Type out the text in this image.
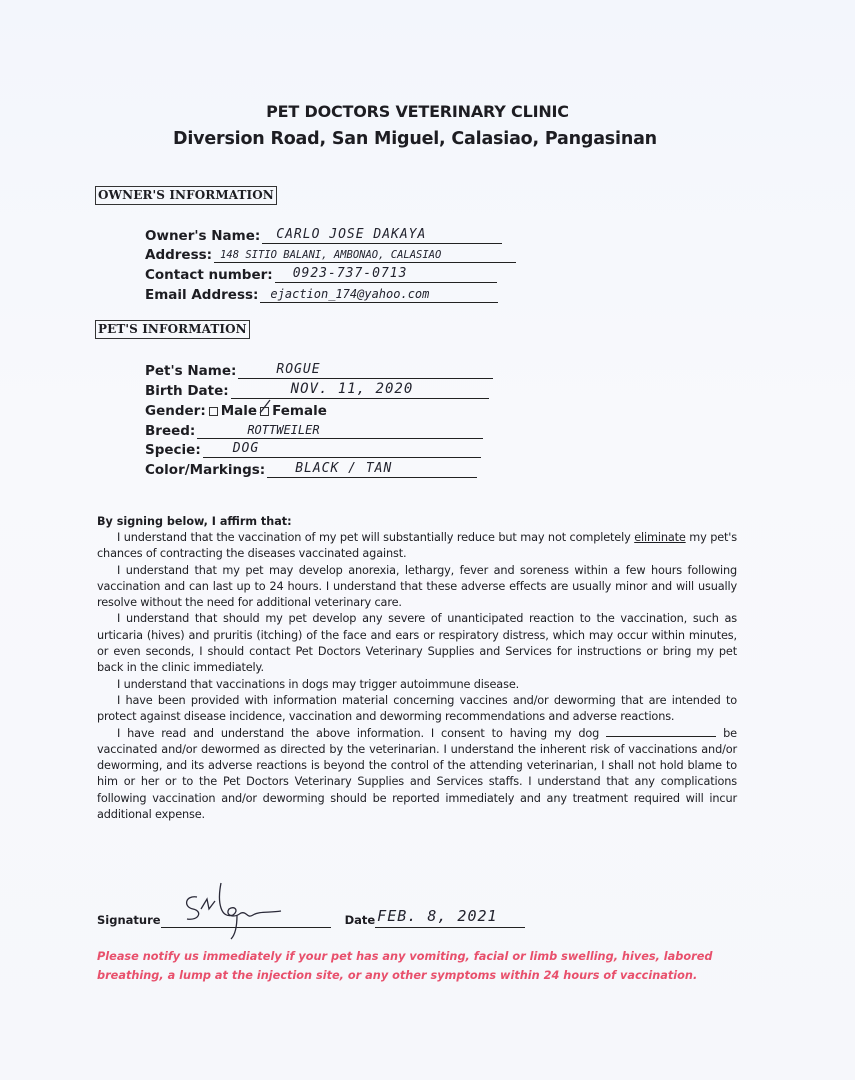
PET DOCTORS VETERINARY CLINIC
Diversion Road, San Miguel, Calasiao, Pangasinan
OWNER'S INFORMATION
Owner's Name: CARLO JOSE DAKAYA
Address: 148 SITIO BALANI, AMBONAO, CALASIAO
Contact number: 0923-737-0713
Email Address: ejaction_174@yahoo.com
PET'S INFORMATION
Pet's Name:	ROGUE
Birth Date:	NOV. 11, 2020
Gender: Male Female
Breed:	ROTTWEILER
Specie: DOG
Color/Markings: BLACK / TAN
By signing below, I affirm that:

I understand that the vaccination of my pet will substantially reduce but may not completely eliminate my pet's chances of contracting the diseases vaccinated against.

I understand that my pet may develop anorexia, lethargy, fever and soreness within a few hours following vaccination and can last up to 24 hours. I understand that these adverse effects are usually minor and will usually resolve without the need for additional veterinary care.

I understand that should my pet develop any severe of unanticipated reaction to the vaccination, such as urticaria (hives) and pruritis (itching) of the face and ears or respiratory distress, which may occur within minutes, or even seconds, I should contact Pet Doctors Veterinary Supplies and Services for instructions or bring my pet back in the clinic immediately.

I understand that vaccinations in dogs may trigger autoimmune disease.

I have been provided with information material concerning vaccines and/or deworming that are intended to protect against disease incidence, vaccination and deworming recommendations and adverse reactions.

I have read and understand the above information. I consent to having my dog	be vaccinated and/or dewormed as directed by the veterinarian. I understand the inherent risk of vaccinations and/or deworming, and its adverse reactions is beyond the control of the attending veterinarian, I shall not hold blame to him or her or to the Pet Doctors Veterinary Supplies and Services staffs. I understand that any complications following vaccination and/or deworming should be reported immediately and any treatment required will incur additional expense.

Signature	Date FEB. 8, 2021
Please notify us immediately if your pet has any vomiting, facial or limb swelling, hives, labored breathing, a lump at the injection site, or any other symptoms within 24 hours of vaccination.
